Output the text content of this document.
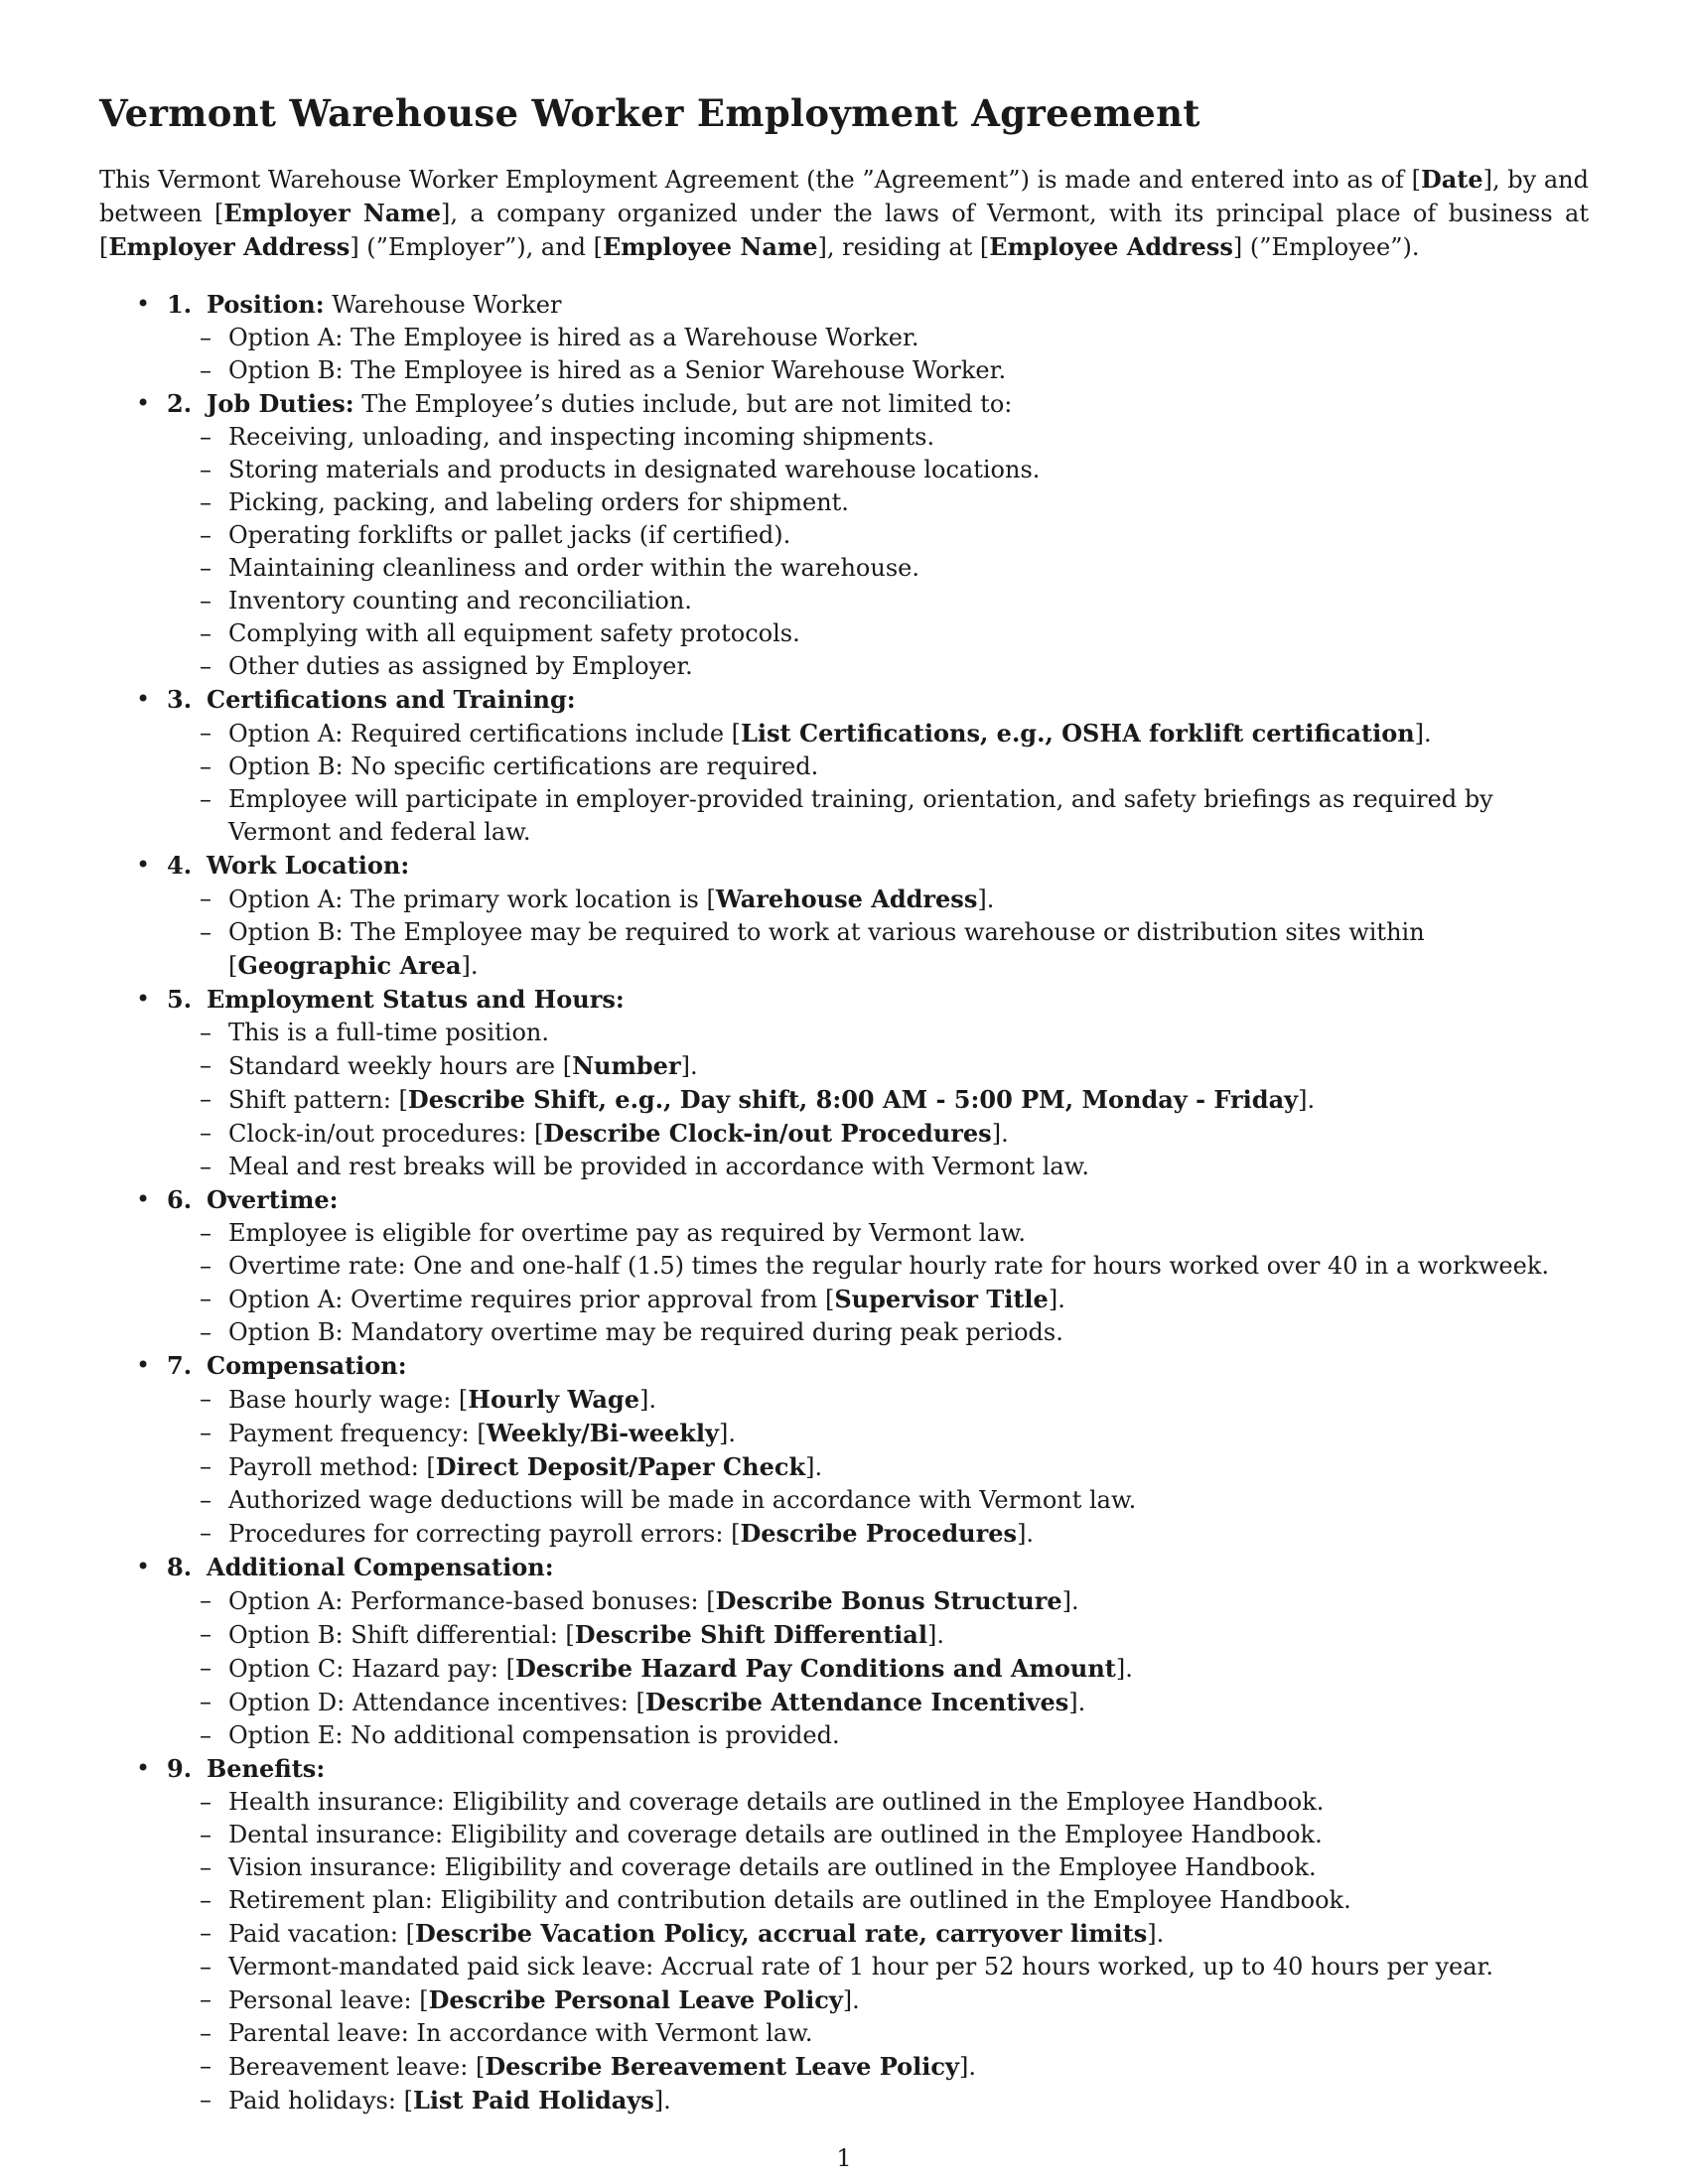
Vermont Warehouse Worker Employment Agreement

This Vermont Warehouse Worker Employment Agreement (the ”Agreement”) is made and entered into as of [Date], by and between [Employer Name], a company organized under the laws of Vermont, with its principal place of business at [Employer Address] (”Employer”), and [Employee Name], residing at [Employee Address] (”Employee”).

• 1. Position: Warehouse Worker
– Option A: The Employee is hired as a Warehouse Worker.
– Option B: The Employee is hired as a Senior Warehouse Worker.
• 2. Job Duties: The Employee’s duties include, but are not limited to:
– Receiving, unloading, and inspecting incoming shipments.
– Storing materials and products in designated warehouse locations.
– Picking, packing, and labeling orders for shipment.
– Operating forklifts or pallet jacks (if certified).
– Maintaining cleanliness and order within the warehouse.
– Inventory counting and reconciliation.
– Complying with all equipment safety protocols.
– Other duties as assigned by Employer.
• 3. Certifications and Training:
– Option A: Required certifications include [List Certifications, e.g., OSHA forklift certification].
– Option B: No specific certifications are required.
– Employee will participate in employer-provided training, orientation, and safety briefings as required by Vermont and federal law.
• 4. Work Location:
– Option A: The primary work location is [Warehouse Address].
– Option B: The Employee may be required to work at various warehouse or distribution sites within [Geographic Area].
• 5. Employment Status and Hours:
– This is a full-time position.
– Standard weekly hours are [Number].
– Shift pattern: [Describe Shift, e.g., Day shift, 8:00 AM - 5:00 PM, Monday - Friday].
– Clock-in/out procedures: [Describe Clock-in/out Procedures].
– Meal and rest breaks will be provided in accordance with Vermont law.
• 6. Overtime:
– Employee is eligible for overtime pay as required by Vermont law.
– Overtime rate: One and one-half (1.5) times the regular hourly rate for hours worked over 40 in a workweek.
– Option A: Overtime requires prior approval from [Supervisor Title].
– Option B: Mandatory overtime may be required during peak periods.
• 7. Compensation:
– Base hourly wage: [Hourly Wage].
– Payment frequency: [Weekly/Bi-weekly].
– Payroll method: [Direct Deposit/Paper Check].
– Authorized wage deductions will be made in accordance with Vermont law.
– Procedures for correcting payroll errors: [Describe Procedures].
• 8. Additional Compensation:
– Option A: Performance-based bonuses: [Describe Bonus Structure].
– Option B: Shift differential: [Describe Shift Differential].
– Option C: Hazard pay: [Describe Hazard Pay Conditions and Amount].
– Option D: Attendance incentives: [Describe Attendance Incentives].
– Option E: No additional compensation is provided.
• 9. Benefits:
– Health insurance: Eligibility and coverage details are outlined in the Employee Handbook.
– Dental insurance: Eligibility and coverage details are outlined in the Employee Handbook.
– Vision insurance: Eligibility and coverage details are outlined in the Employee Handbook.
– Retirement plan: Eligibility and contribution details are outlined in the Employee Handbook.
– Paid vacation: [Describe Vacation Policy, accrual rate, carryover limits].
– Vermont-mandated paid sick leave: Accrual rate of 1 hour per 52 hours worked, up to 40 hours per year.
– Personal leave: [Describe Personal Leave Policy].
– Parental leave: In accordance with Vermont law.
– Bereavement leave: [Describe Bereavement Leave Policy].
– Paid holidays: [List Paid Holidays].
1
